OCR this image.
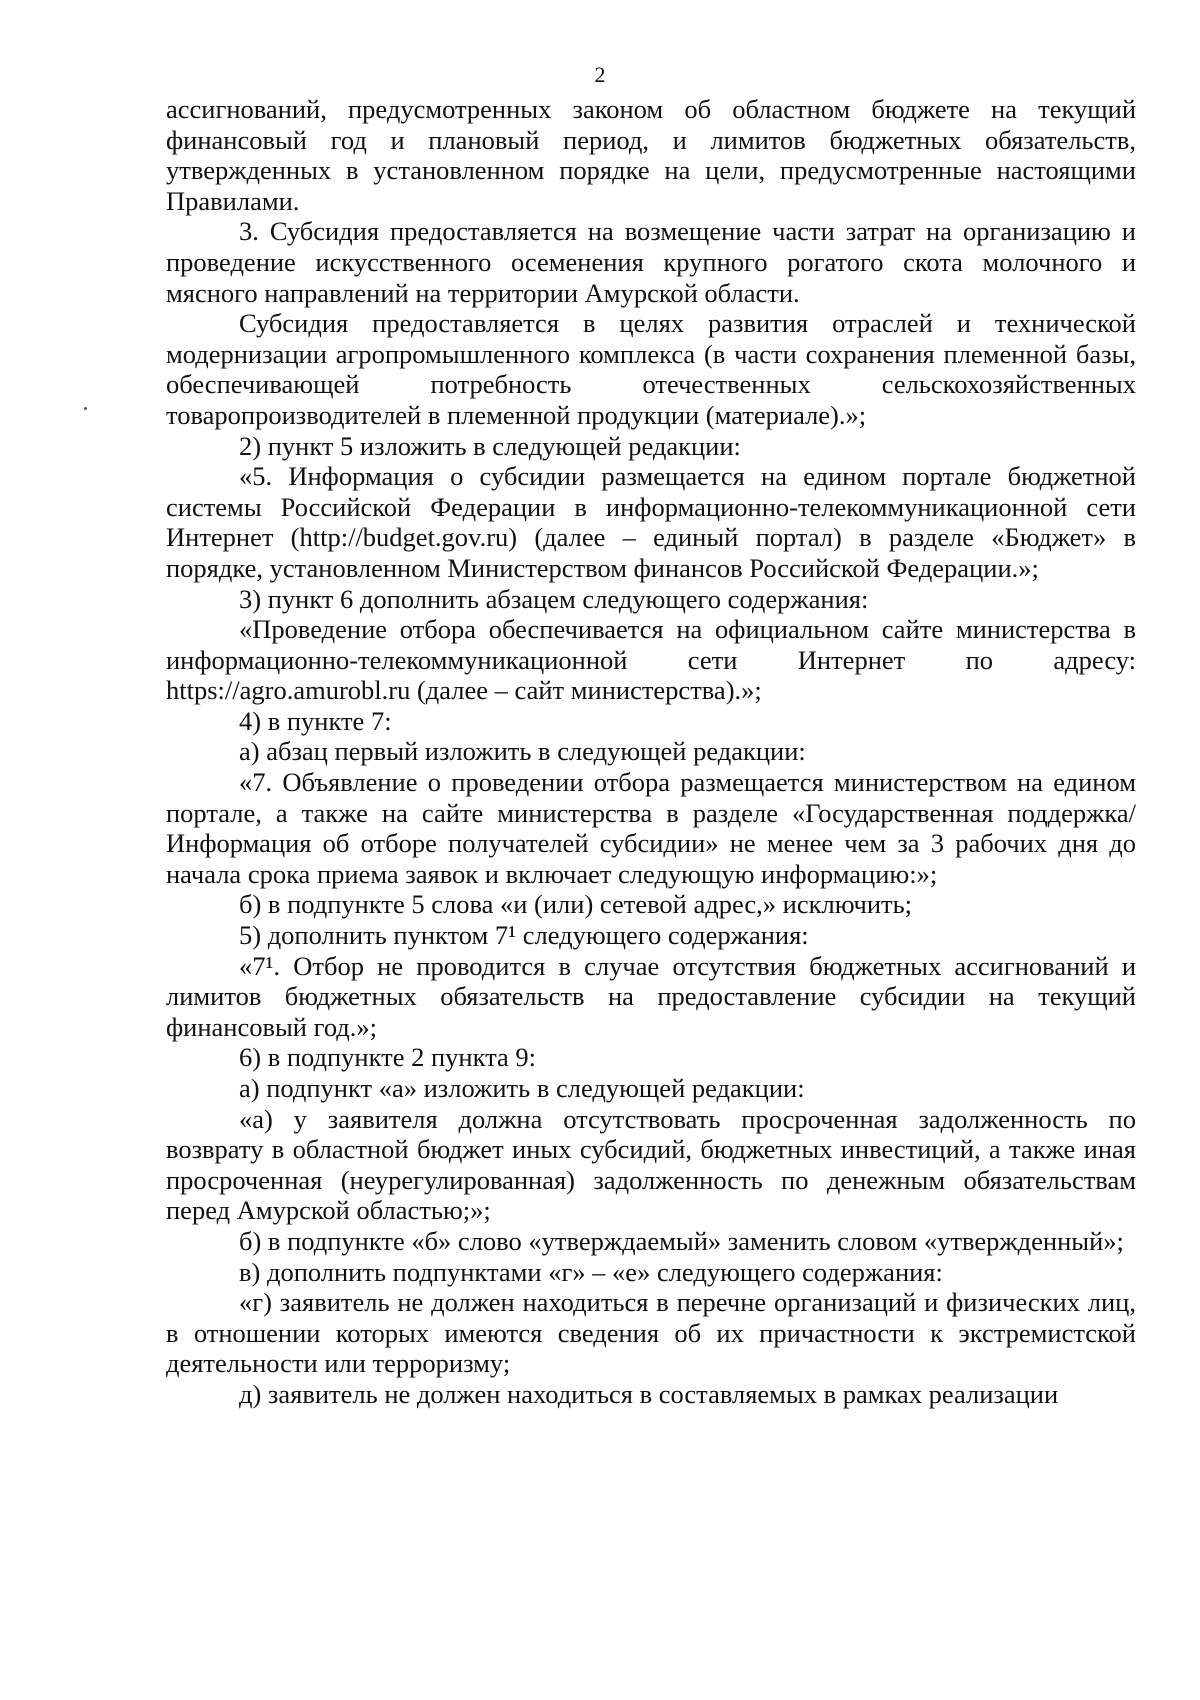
2

ассигнований, предусмотренных законом об областном бюджете на текущий финансовый год и плановый период, и лимитов бюджетных обязательств, утвержденных в установленном порядке на цели, предусмотренные настоящими Правилами.

3. Субсидия предоставляется на возмещение части затрат на организацию и проведение искусственного осеменения крупного рогатого скота молочного и мясного направлений на территории Амурской области.

Субсидия предоставляется в целях развития отраслей и технической модернизации агропромышленного комплекса (в части сохранения племенной базы, обеспечивающей потребность отечественных сельскохозяйственных товаропроизводителей в племенной продукции (материале).»;

2) пункт 5 изложить в следующей редакции:

«5. Информация о субсидии размещается на едином портале бюджетной системы Российской Федерации в информационно-телекоммуникационной сети Интернет (http://budget.gov.ru) (далее – единый портал) в разделе «Бюджет» в порядке, установленном Министерством финансов Российской Федерации.»;

3) пункт 6 дополнить абзацем следующего содержания:

«Проведение отбора обеспечивается на официальном сайте министерства в информационно-телекоммуникационной сети Интернет по адресу: https://agro.amurobl.ru (далее – сайт министерства).»;

4) в пункте 7:

а) абзац первый изложить в следующей редакции:

«7. Объявление о проведении отбора размещается министерством на едином портале, а также на сайте министерства в разделе «Государственная поддержка/Информация об отборе получателей субсидии» не менее чем за 3 рабочих дня до начала срока приема заявок и включает следующую информацию:»;

б) в подпункте 5 слова «и (или) сетевой адрес,» исключить;

5) дополнить пунктом 7¹ следующего содержания:

«7¹. Отбор не проводится в случае отсутствия бюджетных ассигнований и лимитов бюджетных обязательств на предоставление субсидии на текущий финансовый год.»;

6) в подпункте 2 пункта 9:

а) подпункт «а» изложить в следующей редакции:

«а) у заявителя должна отсутствовать просроченная задолженность по возврату в областной бюджет иных субсидий, бюджетных инвестиций, а также иная просроченная (неурегулированная) задолженность по денежным обязательствам перед Амурской областью;»;

б) в подпункте «б» слово «утверждаемый» заменить словом «утвержденный»;

в) дополнить подпунктами «г» – «е» следующего содержания:

«г) заявитель не должен находиться в перечне организаций и физических лиц, в отношении которых имеются сведения об их причастности к экстремистской деятельности или терроризму;

д) заявитель не должен находиться в составляемых в рамках реализации
